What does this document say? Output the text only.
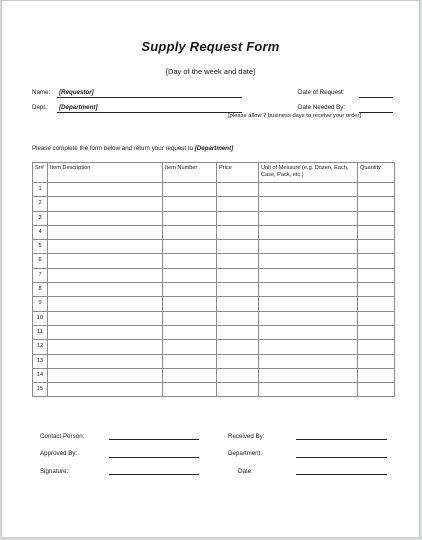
Supply Request Form
[Day of the week and date]
Name: [Requestor]	Date of Request:
Dept.: [Department]	Date Needed By:
[please allow 7 business days to receive your order]
Please complete the form below and return your request to [Department]
Sr#	Item Description	Item Number	Price	Unit of Measure (e.g. Dozen, Each, Case, Pack, etc.)	Quantity
1					
2					
3					
4					
5					
6					
7					
8					
9					
10					
11					
12					
13					
14					
15					
Contact Person:	Received By:
Approved By:	Department:
Signature:	Date:
